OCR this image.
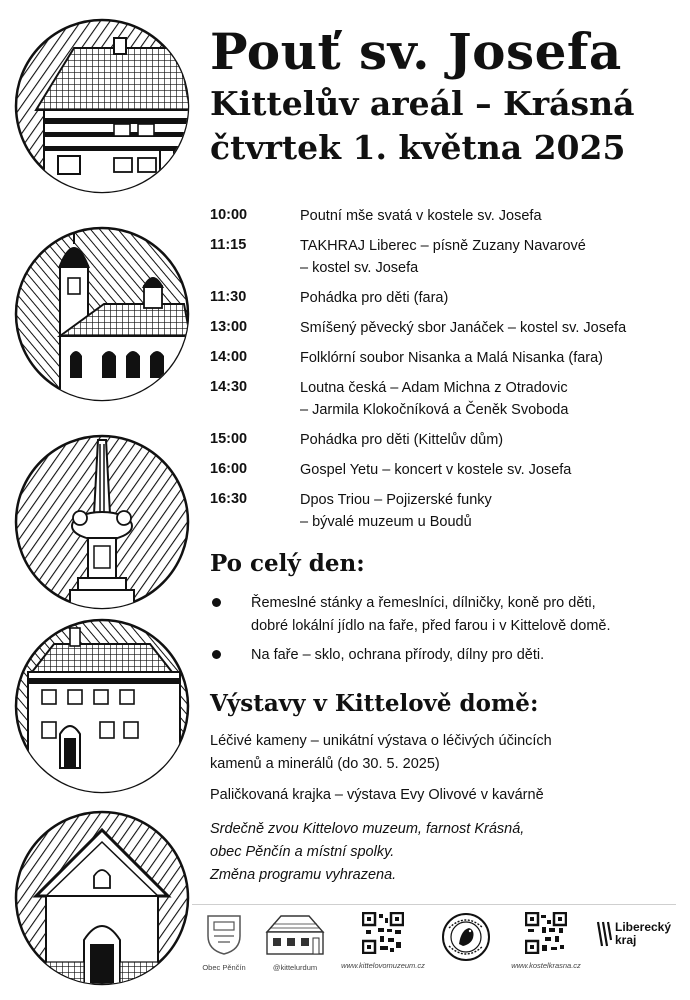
Pouť sv. Josefa
Kittelův areál – Krásná
čtvrtek 1. května 2025
10:00	Poutní mše svatá v kostele sv. Josefa
11:15	TAKHRAJ Liberec – písně Zuzany Navarové
– kostel sv. Josefa
11:30	Pohádka pro děti (fara)
13:00	Smíšený pěvecký sbor Janáček – kostel sv. Josefa
14:00	Folklórní soubor Nisanka a Malá Nisanka (fara)
14:30	Loutna česká – Adam Michna z Otradovic
– Jarmila Klokočníková a Čeněk Svoboda
15:00	Pohádka pro děti (Kittelův dům)
16:00	Gospel Yetu – koncert v kostele sv. Josefa
16:30	Dpos Triou – Pojizerské funky
– bývalé muzeum u Boudů
Po celý den:
Řemeslné stánky a řemeslníci, dílničky, koně pro děti,
dobré lokální jídlo na faře, před farou i v Kittelově domě.
Na faře – sklo, ochrana přírody, dílny pro děti.
Výstavy v Kittelově domě:
Léčivé kameny – unikátní výstava o léčivých účincích
kamenů a minerálů (do 30. 5. 2025)
Paličkovaná krajka – výstava Evy Olivové v kavárně
Srdečně zvou Kittelovo muzeum, farnost Krásná,
obec Pěnčín a místní spolky.
Změna programu vyhrazena.
Obec Pěnčín	@kittelurdum	www.kittelovomuzeum.cz	www.kostelkrasna.cz
Liberecký
kraj
